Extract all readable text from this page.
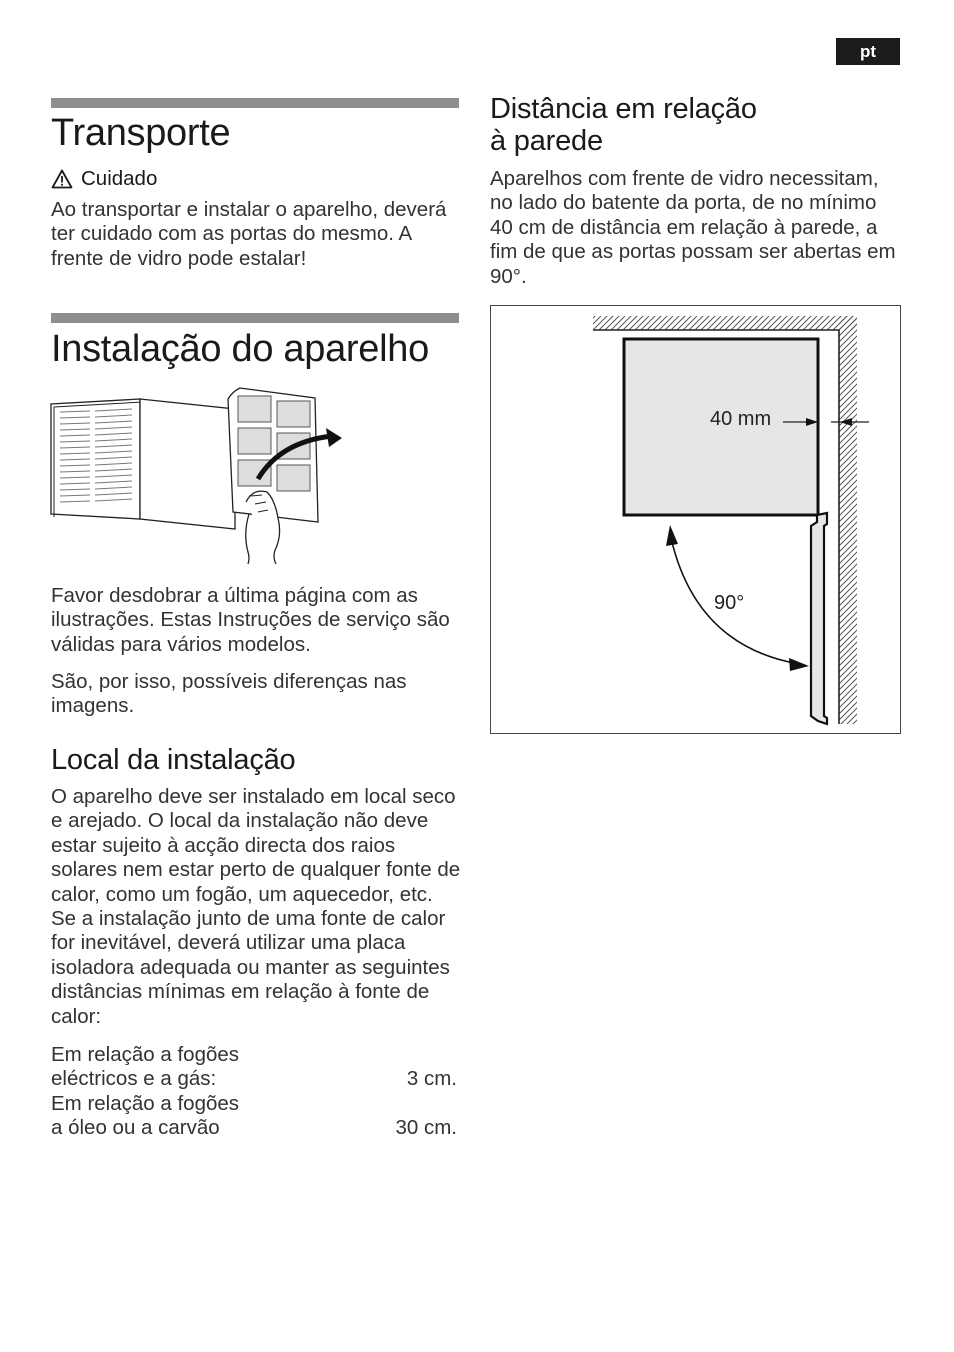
pt
Transporte
Cuidado

Ao transportar e instalar o aparelho, deverá ter cuidado com as portas do mesmo. A frente de vidro pode estalar!

Instalação do aparelho

Favor desdobrar a última página com as ilustrações. Estas Instruções de serviço são válidas para vários modelos.

São, por isso, possíveis diferenças nas imagens.

Local da instalação

O aparelho deve ser instalado em local seco e arejado. O local da instalação não deve estar sujeito à acção directa dos raios solares nem estar perto de qualquer fonte de calor, como um fogão, um aquecedor, etc. Se a instalação junto de uma fonte de calor for inevitável, deverá utilizar uma placa isoladora adequada ou manter as seguintes distâncias mínimas em relação à fonte de calor:

Em relação a fogões
eléctricos e a gás:	3 cm.
Em relação a fogões
a óleo ou a carvão	30 cm.
Distância em relação
à parede

Aparelhos com frente de vidro necessitam, no lado do batente da porta, de no mínimo 40 cm de distância em relação à parede, a fim de que as portas possam ser abertas em 90°.

40 mm
90°
